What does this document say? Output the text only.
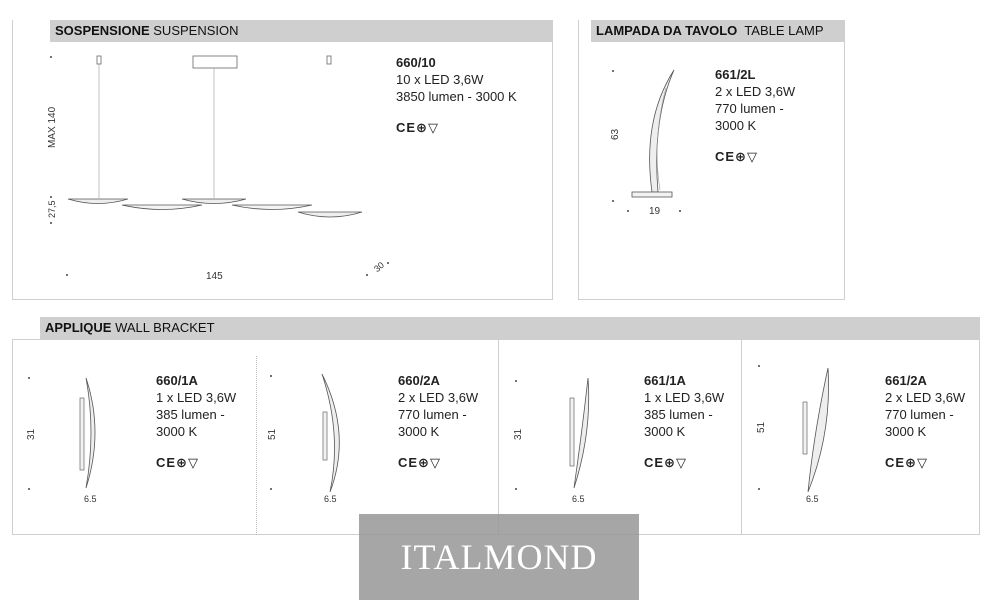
SOSPENSIONE SUSPENSION
MAX 140
27,5
145
30
660/10
10 x LED 3,6W
3850 lumen - 3000 K
CE⊕▽
LAMPADA DA TAVOLO TABLE LAMP
63
19
661/2L
2 x LED 3,6W
770 lumen -
3000 K
CE⊕▽
APPLIQUE WALL BRACKET
31
6.5
660/1A
1 x LED 3,6W
385 lumen -
3000 K
CE⊕▽
51
6.5
660/2A
2 x LED 3,6W
770 lumen -
3000 K
CE⊕▽
31
6.5
661/1A
1 x LED 3,6W
385 lumen -
3000 K
CE⊕▽
51
6.5
661/2A
2 x LED 3,6W
770 lumen -
3000 K
CE⊕▽
ITALMOND
